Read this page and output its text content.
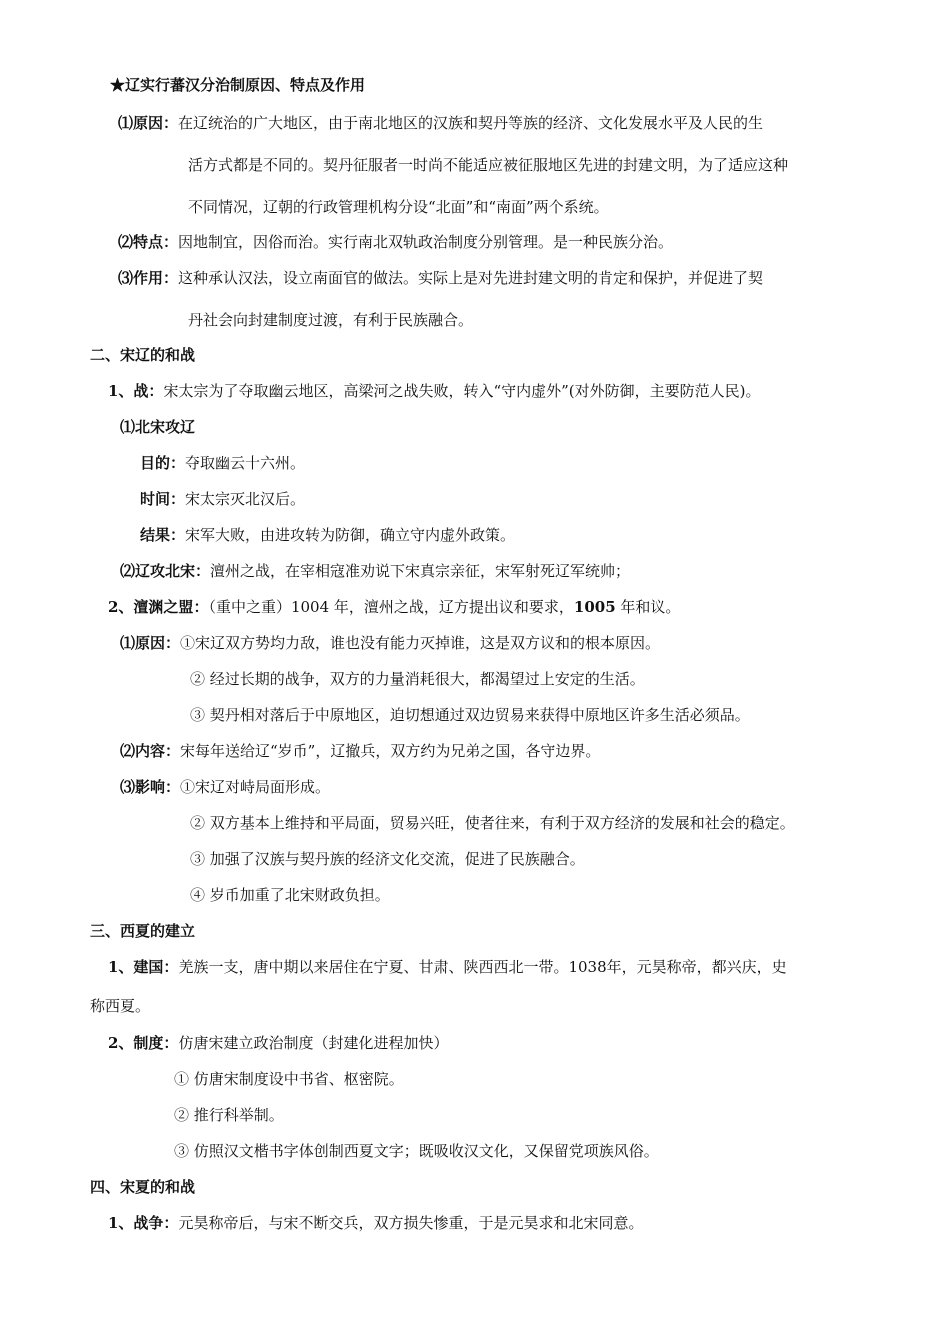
★辽实行蕃汉分治制原因、特点及作用
⑴原因：在辽统治的广大地区，由于南北地区的汉族和契丹等族的经济、文化发展水平及人民的生
活方式都是不同的。契丹征服者一时尚不能适应被征服地区先进的封建文明，为了适应这种
不同情况，辽朝的行政管理机构分设“北面”和“南面”两个系统。
⑵特点：因地制宜，因俗而治。实行南北双轨政治制度分别管理。是一种民族分治。
⑶作用：这种承认汉法，设立南面官的做法。实际上是对先进封建文明的肯定和保护，并促进了契
丹社会向封建制度过渡，有利于民族融合。
二、宋辽的和战
1、战：宋太宗为了夺取幽云地区，高梁河之战失败，转入“守内虚外”(对外防御，主要防范人民)。
⑴北宋攻辽
目的：夺取幽云十六州。
时间：宋太宗灭北汉后。
结果：宋军大败，由进攻转为防御，确立守内虚外政策。
⑵辽攻北宋：澶州之战，在宰相寇准劝说下宋真宗亲征，宋军射死辽军统帅；
2、澶渊之盟：（重中之重）1004 年，澶州之战，辽方提出议和要求，1005 年和议。
⑴原因：①宋辽双方势均力敌，谁也没有能力灭掉谁，这是双方议和的根本原因。
② 经过长期的战争，双方的力量消耗很大，都渴望过上安定的生活。
③ 契丹相对落后于中原地区，迫切想通过双边贸易来获得中原地区许多生活必须品。
⑵内容：宋每年送给辽“岁币”，辽撤兵，双方约为兄弟之国，各守边界。
⑶影响：①宋辽对峙局面形成。
② 双方基本上维持和平局面，贸易兴旺，使者往来，有利于双方经济的发展和社会的稳定。
③ 加强了汉族与契丹族的经济文化交流，促进了民族融合。
④ 岁币加重了北宋财政负担。
三、西夏的建立
1、建国：羌族一支，唐中期以来居住在宁夏、甘肃、陕西西北一带。1038年，元昊称帝，都兴庆，史
称西夏。
2、制度：仿唐宋建立政治制度（封建化进程加快）
① 仿唐宋制度设中书省、枢密院。
② 推行科举制。
③ 仿照汉文楷书字体创制西夏文字；既吸收汉文化，又保留党项族风俗。
四、宋夏的和战
1、战争：元昊称帝后，与宋不断交兵，双方损失惨重，于是元昊求和北宋同意。
